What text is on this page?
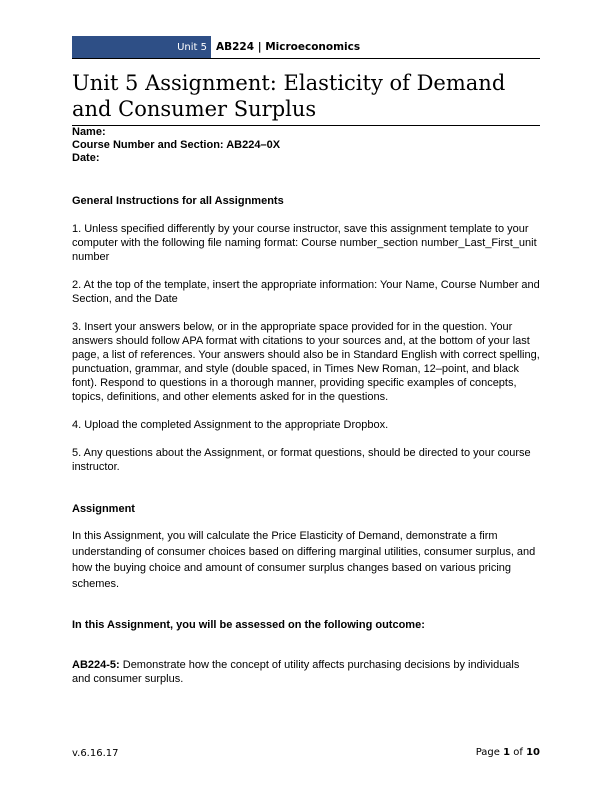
Unit 5 AB224 | Microeconomics
Unit 5 Assignment: Elasticity of Demand and Consumer Surplus
Name:
Course Number and Section: AB224–0X
Date:

General Instructions for all Assignments

1. Unless specified differently by your course instructor, save this assignment template to your computer with the following file naming format: Course number_section number_Last_First_unit number

2. At the top of the template, insert the appropriate information: Your Name, Course Number and Section, and the Date

3. Insert your answers below, or in the appropriate space provided for in the question. Your answers should follow APA format with citations to your sources and, at the bottom of your last page, a list of references. Your answers should also be in Standard English with correct spelling, punctuation, grammar, and style (double spaced, in Times New Roman, 12–point, and black font). Respond to questions in a thorough manner, providing specific examples of concepts, topics, definitions, and other elements asked for in the questions.

4. Upload the completed Assignment to the appropriate Dropbox.

5. Any questions about the Assignment, or format questions, should be directed to your course instructor.

Assignment

In this Assignment, you will calculate the Price Elasticity of Demand, demonstrate a firm understanding of consumer choices based on differing marginal utilities, consumer surplus, and how the buying choice and amount of consumer surplus changes based on various pricing schemes.

In this Assignment, you will be assessed on the following outcome:

AB224-5: Demonstrate how the concept of utility affects purchasing decisions by individuals and consumer surplus.

v.6.16.17	Page 1 of 10
